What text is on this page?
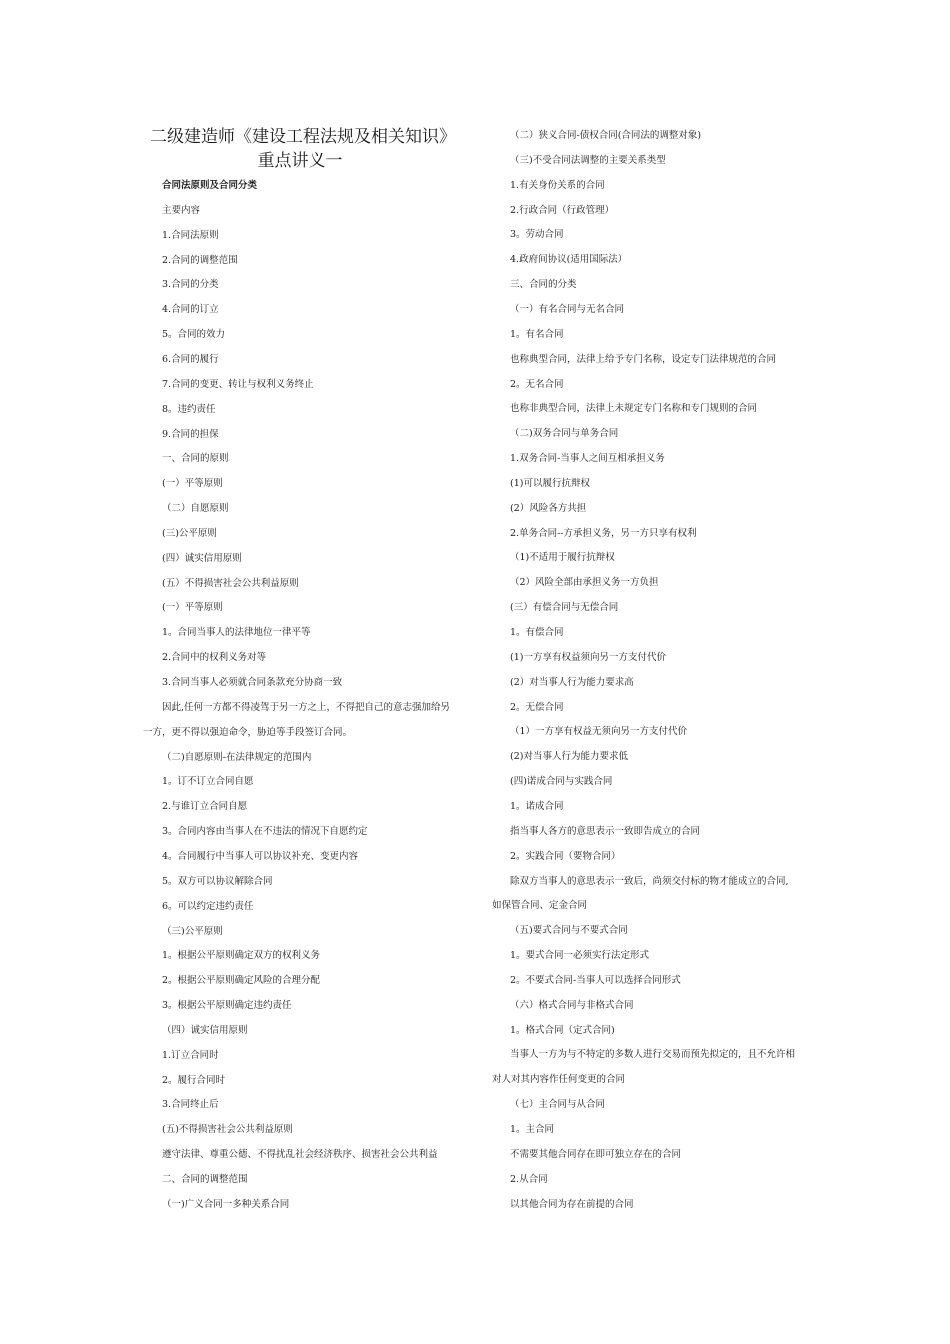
二级建造师《建设工程法规及相关知识》
重点讲义一
合同法原则及合同分类
主要内容
1.合同法原则
2.合同的调整范围
3.合同的分类
4.合同的订立
5。合同的效力
6.合同的履行
7.合同的变更、转让与权利义务终止
8。违约责任
9.合同的担保
一、合同的原则
(一）平等原则
（二）自愿原则
(三)公平原则
(四）诚实信用原则
(五）不得损害社会公共利益原则
(一）平等原则
1。合同当事人的法律地位一律平等
2.合同中的权利义务对等
3.合同当事人必须就合同条款充分协商一致
因此,任何一方都不得凌驾于另一方之上，不得把自己的意志强加给另
一方，更不得以强迫命令，胁迫等手段签订合同。
（二)自愿原则-在法律规定的范围内
1。订不订立合同自愿
2.与谁订立合同自愿
3。合同内容由当事人在不违法的情况下自愿约定
4。合同履行中当事人可以协议补充、变更内容
5。双方可以协议解除合同
6。可以约定违约责任
（三)公平原则
1。根据公平原则确定双方的权利义务
2。根据公平原则确定风险的合理分配
3。根据公平原则确定违约责任
（四）诚实信用原则
1.订立合同时
2。履行合同时
3.合同终止后
(五)不得损害社会公共利益原则
遵守法律、尊重公德、不得扰乱社会经济秩序、损害社会公共利益
二、合同的调整范围
（一)广义合同一多种关系合同
（二）狭义合同-债权合同(合同法的调整对象)
（三)不受合同法调整的主要关系类型
1.有关身份关系的合同
2.行政合同（行政管理）
3。劳动合同
4.政府间协议(适用国际法）
三、合同的分类
（一）有名合同与无名合同
1。有名合同
也称典型合同，法律上给予专门名称，设定专门法律规范的合同
2。无名合同
也称非典型合同，法律上未规定专门名称和专门规则的合同
（二)双务合同与单务合同
1.双务合同-当事人之间互相承担义务
(1)可以履行抗辩权
(2）风险各方共担
2.单务合同--方承担义务，另一方只享有权利
（1)不适用于履行抗辩权
（2）风险全部由承担义务一方负担
(三）有偿合同与无偿合同
1。有偿合同
(1)一方享有权益须向另一方支付代价
(2）对当事人行为能力要求高
2。无偿合同
（1）一方享有权益无须向另一方支付代价
(2)对当事人行为能力要求低
(四)诺成合同与实践合同
1。诺成合同
指当事人各方的意思表示一致即告成立的合同
2。实践合同（要物合同）
除双方当事人的意思表示一致后，尚须交付标的物才能成立的合同,
如保管合同、定金合同
（五)要式合同与不要式合同
1。要式合同一必须实行法定形式
2。不要式合同-当事人可以选择合同形式
（六）格式合同与非格式合同
1。格式合同（定式合同)
当事人一方为与不特定的多数人进行交易而预先拟定的，且不允许相
对人对其内容作任何变更的合同
（七）主合同与从合同
1。主合同
不需要其他合同存在即可独立存在的合同
2.从合同
以其他合同为存在前提的合同
